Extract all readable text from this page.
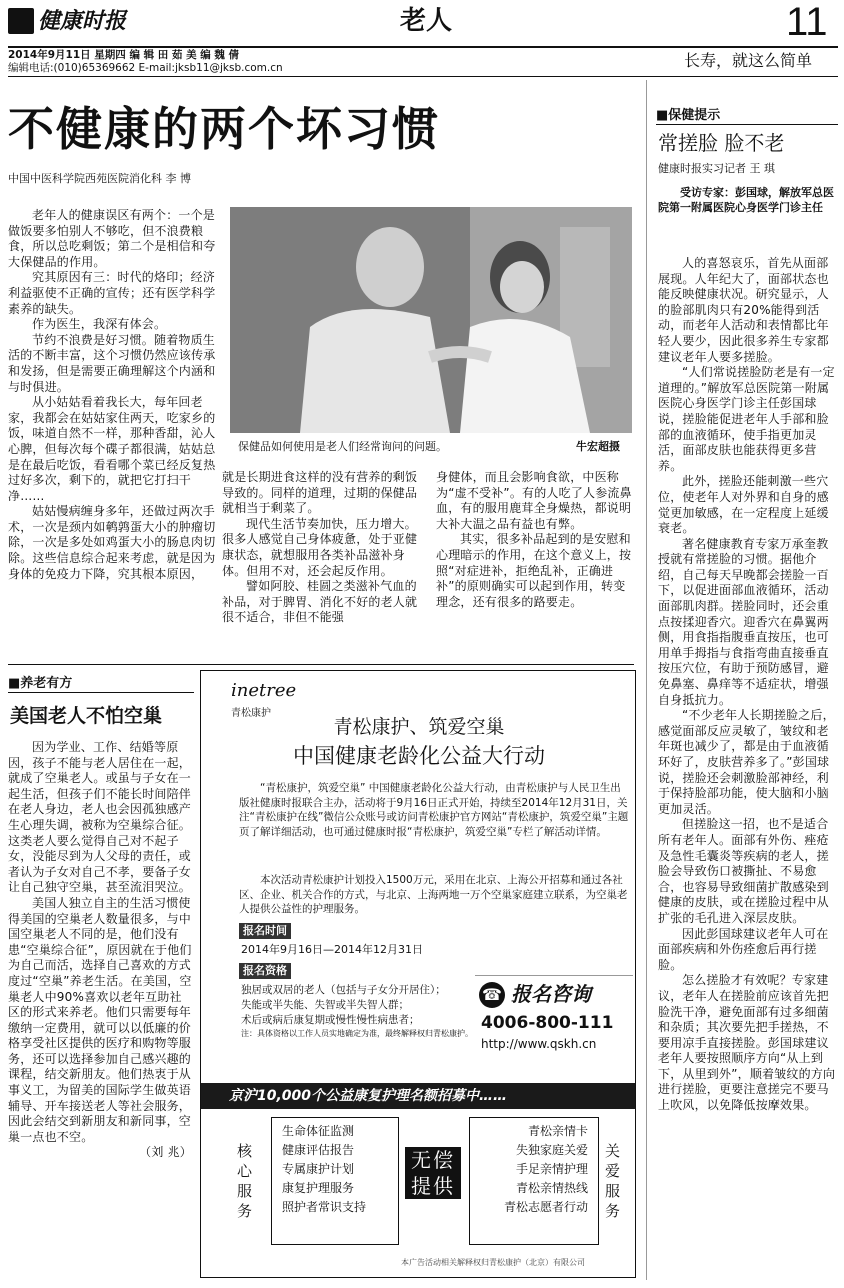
健康时报	老人	11
2014年9月11日 星期四 编 辑 田 茹 美 编 魏 倩
编辑电话:(010)65369662 E-mail:jksb11@jksb.com.cn	长寿，就这么简单
不健康的两个坏习惯
中国中医科学院西苑医院消化科 李 博

老年人的健康误区有两个：一个是做饭要多怕别人不够吃，但不浪费粮食，所以总吃剩饭；第二个是相信和夸大保健品的作用。

究其原因有三：时代的烙印；经济利益驱使不正确的宣传；还有医学科学素养的缺失。

作为医生，我深有体会。

节约不浪费是好习惯。随着物质生活的不断丰富，这个习惯仍然应该传承和发扬，但是需要正确理解这个内涵和与时俱进。

从小姑姑看着我长大，每年回老家，我都会在姑姑家住两天，吃家乡的饭，味道自然不一样，那种香甜，沁人心脾，但每次每个碟子都很满，姑姑总是在最后吃饭，看看哪个菜已经反复热过好多次，剩下的，就把它打扫干净……

姑姑慢病缠身多年，还做过两次手术，一次是颈内如鹌鹑蛋大小的肿瘤切除，一次是多处如鸡蛋大小的肠息肉切除。这些信息综合起来考虑，就是因为身体的免疫力下降，究其根本原因，

保健品如何使用是老人们经常询问的问题。	牛宏超摄

就是长期进食这样的没有营养的剩饭导致的。同样的道理，过期的保健品就相当于剩菜了。

现代生活节奏加快，压力增大。很多人感觉自己身体疲惫，处于亚健康状态，就想服用各类补品滋补身体。但用不对，还会起反作用。

譬如阿胶、桂圆之类滋补气血的补品，对于脾胃、消化不好的老人就很不适合，非但不能强

身健体，而且会影响食欲，中医称为“虚不受补”。有的人吃了人参流鼻血，有的服用鹿茸全身燥热，都说明大补大温之品有益也有弊。

其实，很多补品起到的是安慰和心理暗示的作用，在这个意义上，按照“对症进补，拒绝乱补，正确进补”的原则确实可以起到作用，转变理念，还有很多的路要走。

■保健提示
常搓脸 脸不老
健康时报实习记者 王 琪
受访专家：彭国球，解放军总医院第一附属医院心身医学门诊主任

人的喜怒哀乐，首先从面部展现。人年纪大了，面部状态也能反映健康状况。研究显示，人的脸部肌肉只有20%能得到活动，而老年人活动和表情都比年轻人要少，因此很多养生专家都建议老年人要多搓脸。

“人们常说搓脸防老是有一定道理的。”解放军总医院第一附属医院心身医学门诊主任彭国球说，搓脸能促进老年人手部和脸部的血液循环，使手指更加灵活，面部皮肤也能获得更多营养。

此外，搓脸还能刺激一些穴位，使老年人对外界和自身的感觉更加敏感，在一定程度上延缓衰老。

著名健康教育专家万承奎教授就有常搓脸的习惯。据他介绍，自己每天早晚都会搓脸一百下，以促进面部血液循环，活动面部肌肉群。搓脸同时，还会重点按揉迎香穴。迎香穴在鼻翼两侧，用食指指腹垂直按压，也可用单手拇指与食指弯曲直接垂直按压穴位，有助于预防感冒，避免鼻塞、鼻痒等不适症状，增强自身抵抗力。

“不少老年人长期搓脸之后，感觉面部反应灵敏了，皱纹和老年斑也减少了，都是由于血液循环好了，皮肤营养多了。”彭国球说，搓脸还会刺激脸部神经，利于保持脸部功能，使大脑和小脑更加灵活。

但搓脸这一招，也不是适合所有老年人。面部有外伤、痤疮及急性毛囊炎等疾病的老人，搓脸会导致伤口被撕扯、不易愈合，也容易导致细菌扩散感染到健康的皮肤，或在搓脸过程中从扩张的毛孔进入深层皮肤。

因此彭国球建议老年人可在面部疾病和外伤痊愈后再行搓脸。

怎么搓脸才有效呢？专家建议，老年人在搓脸前应该首先把脸洗干净，避免面部有过多细菌和杂质；其次要先把手搓热，不要用凉手直接搓脸。彭国球建议老年人要按照顺序方向“从上到下，从里到外”，顺着皱纹的方向进行搓脸，更要注意搓完不要马上吹风，以免降低按摩效果。

■养老有方
美国老人不怕空巢

因为学业、工作、结婚等原因，孩子不能与老人居住在一起，就成了空巢老人。或虽与子女在一起生活，但孩子们不能长时间陪伴在老人身边，老人也会因孤独感产生心理失调，被称为空巢综合征。这类老人要么觉得自己对不起子女，没能尽到为人父母的责任，或者认为子女对自己不孝，要备子女让自己独守空巢，甚至流泪哭泣。

美国人独立自主的生活习惯使得美国的空巢老人数量很多，与中国空巢老人不同的是，他们没有患“空巢综合征”，原因就在于他们为自己而活，选择自己喜欢的方式度过“空巢”养老生活。在美国，空巢老人中90%喜欢以老年互助社区的形式来养老。他们只需要每年缴纳一定费用，就可以以低廉的价格享受社区提供的医疗和购物等服务，还可以选择参加自己感兴趣的课程，结交新朋友。他们热衷于从事义工，为留美的国际学生做英语辅导、开车接送老人等社会服务，因此会结交到新朋友和新同事，空巢一点也不空。

（刘 兆）

inetree
青松康护
青松康护、筑爱空巢
中国健康老龄化公益大行动
“青松康护，筑爱空巢” 中国健康老龄化公益大行动，由青松康护与人民卫生出版社健康时报联合主办，活动将于9月16日正式开始，持续至2014年12月31日，关注“青松康护在线”微信公众账号或访问青松康护官方网站“青松康护，筑爱空巢”主题页了解详细活动，也可通过健康时报“青松康护，筑爱空巢”专栏了解活动详情。
本次活动青松康护计划投入1500万元，采用在北京、上海公开招募和通过各社区、企业、机关合作的方式，与北京、上海两地一万个空巢家庭建立联系，为空巢老人提供公益性的护理服务。
报名时间
2014年9月16日—2014年12月31日
报名资格
独居或双居的老人（包括与子女分开居住）；
失能或半失能、失智或半失智人群；
术后或病后康复期或慢性慢性病患者；
注：具体资格以工作人员实地确定为准，最终解释权归青松康护。
☎ 报名咨询
4006-800-111
http://www.qskh.cn
京沪10,000个公益康复护理名额招募中……
核心服务
生命体征监测
健康评估报告
专属康护计划
康复护理服务
照护者常识支持
无偿提供
青松亲情卡
失独家庭关爱
手足亲情护理
青松亲情热线
青松志愿者行动
关爱服务
本广告活动相关解释权归青松康护（北京）有限公司
